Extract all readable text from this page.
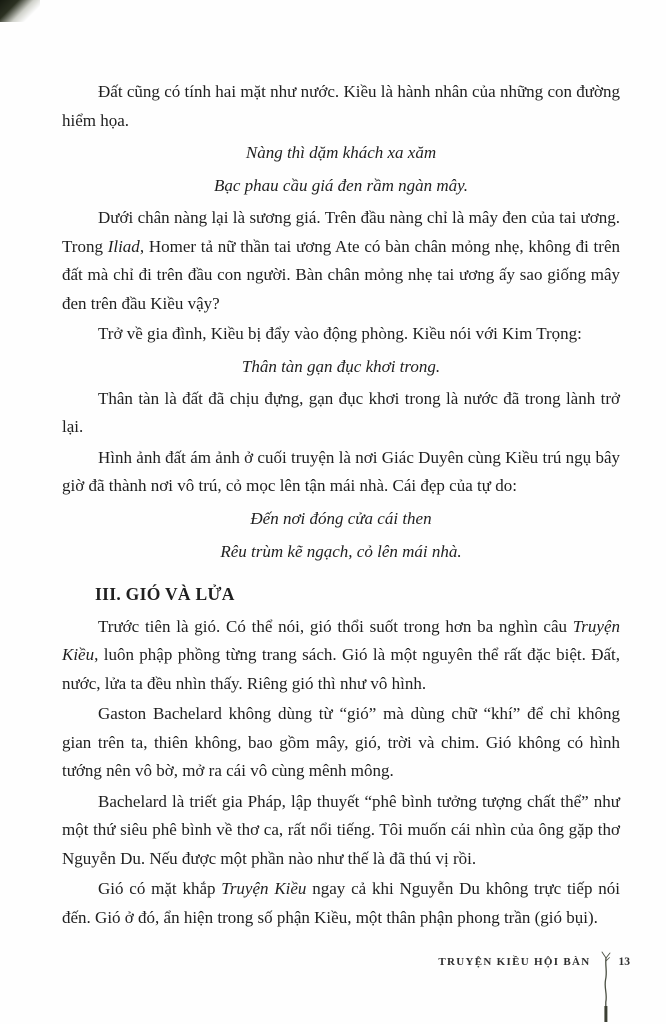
Đất cũng có tính hai mặt như nước. Kiều là hành nhân của những con đường hiểm họa.
Nàng thì dặm khách xa xăm
Bạc phau cầu giá đen rầm ngàn mây.
Dưới chân nàng lại là sương giá. Trên đầu nàng chỉ là mây đen của tai ương. Trong Iliad, Homer tả nữ thần tai ương Ate có bàn chân mỏng nhẹ, không đi trên đất mà chỉ đi trên đầu con người. Bàn chân mỏng nhẹ tai ương ấy sao giống mây đen trên đầu Kiều vậy?
Trở về gia đình, Kiều bị đẩy vào động phòng. Kiều nói với Kim Trọng:
Thân tàn gạn đục khơi trong.
Thân tàn là đất đã chịu đựng, gạn đục khơi trong là nước đã trong lành trở lại.
Hình ảnh đất ám ảnh ở cuối truyện là nơi Giác Duyên cùng Kiều trú ngụ bây giờ đã thành nơi vô trú, cỏ mọc lên tận mái nhà. Cái đẹp của tự do:
Đến nơi đóng cửa cái then
Rêu trùm kẽ ngạch, cỏ lên mái nhà.
III. GIÓ VÀ LỬA
Trước tiên là gió. Có thể nói, gió thổi suốt trong hơn ba nghìn câu Truyện Kiều, luôn phập phồng từng trang sách. Gió là một nguyên thể rất đặc biệt. Đất, nước, lửa ta đều nhìn thấy. Riêng gió thì như vô hình.
Gaston Bachelard không dùng từ “gió” mà dùng chữ “khí” để chỉ không gian trên ta, thiên không, bao gồm mây, gió, trời và chim. Gió không có hình tướng nên vô bờ, mở ra cái vô cùng mênh mông.
Bachelard là triết gia Pháp, lập thuyết “phê bình tưởng tượng chất thể” như một thứ siêu phê bình về thơ ca, rất nổi tiếng. Tôi muốn cái nhìn của ông gặp thơ Nguyễn Du. Nếu được một phần nào như thế là đã thú vị rồi.
Gió có mặt khắp Truyện Kiều ngay cả khi Nguyễn Du không trực tiếp nói đến. Gió ở đó, ẩn hiện trong số phận Kiều, một thân phận phong trần (gió bụi).
TRUYỆN KIỀU HỘI BÀN 13
